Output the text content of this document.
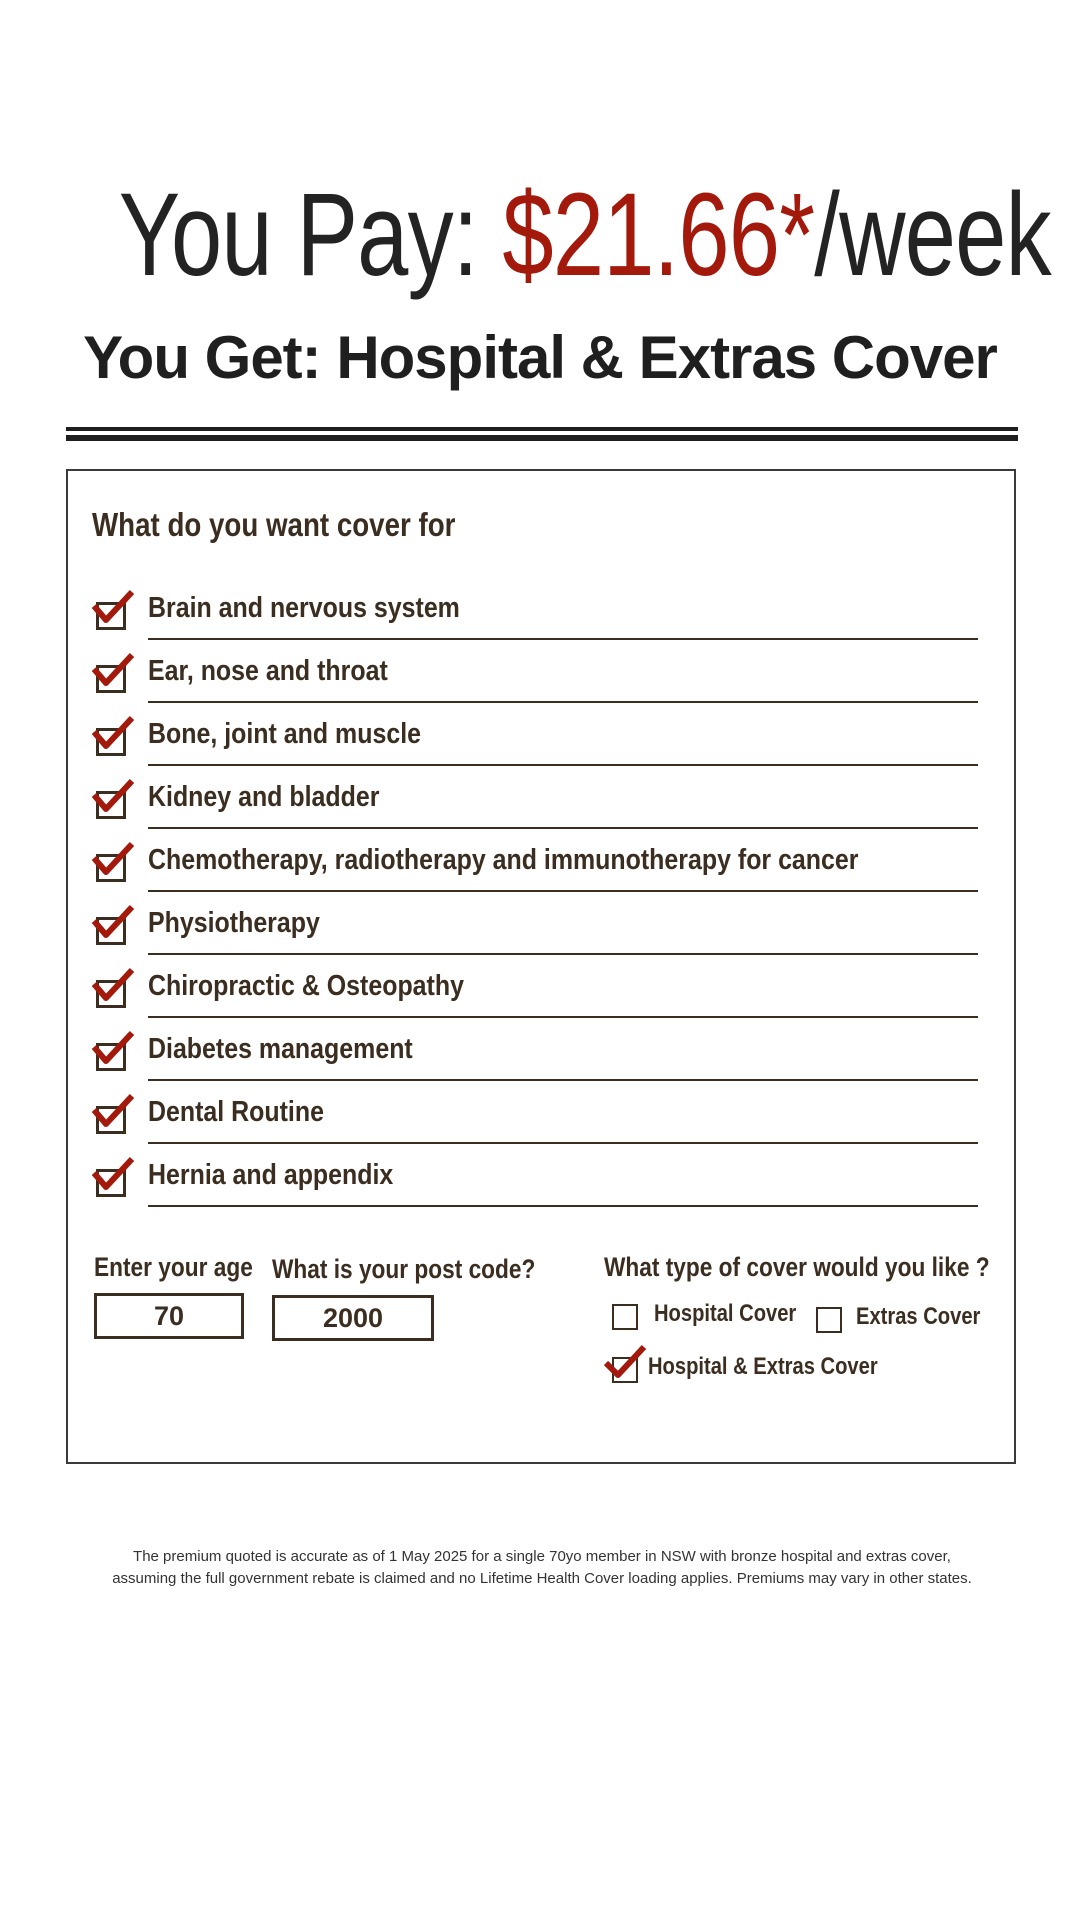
You Pay: $21.66*/week
You Get: Hospital & Extras Cover
What do you want cover for
Brain and nervous system
Ear, nose and throat
Bone, joint and muscle
Kidney and bladder
Chemotherapy, radiotherapy and immunotherapy for cancer
Physiotherapy
Chiropractic & Osteopathy
Diabetes management
Dental Routine
Hernia and appendix
Enter your age
70
What is your post code?
2000
What type of cover would you like ?
Hospital Cover Extras Cover
Hospital & Extras Cover
The premium quoted is accurate as of 1 May 2025 for a single 70yo member in NSW with bronze hospital and extras cover,
assuming the full government rebate is claimed and no Lifetime Health Cover loading applies. Premiums may vary in other states.
